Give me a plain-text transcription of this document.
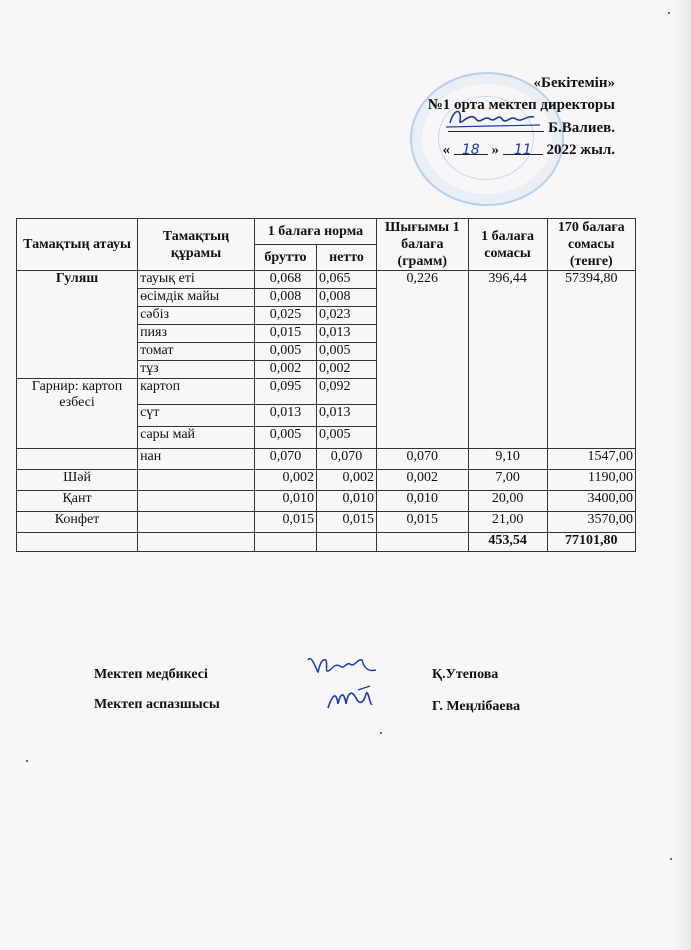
«Бекітемін»
№1 орта мектеп директоры
Б.Валиев.
« 18 » 11 2022 жыл.
Тамақтың атауы	Тамақтың құрамы	1 балаға норма		Шығымы 1 балаға (грамм)	1 балаға сомасы	170 балаға сомасы (тенге)
		брутто	нетто			
Гуляш	тауық еті	0,068	0,065	0,226	396,44	57394,80
	өсімдік майы	0,008	0,008			
	сәбіз	0,025	0,023			
	пияз	0,015	0,013			
	томат	0,005	0,005			
	тұз	0,002	0,002			
Гарнир: картоп езбесі	картоп	0,095	0,092			
	сүт	0,013	0,013			
	сары май	0,005	0,005			
	нан	0,070	0,070	0,070	9,10	1547,00
Шәй		0,002	0,002	0,002	7,00	1190,00
Қант		0,010	0,010	0,010	20,00	3400,00
Конфет		0,015	0,015	0,015	21,00	3570,00
					453,54	77101,80
Мектеп медбикесі	Қ.Утепова
Мектеп аспазшысы	Г. Меңлібаева
